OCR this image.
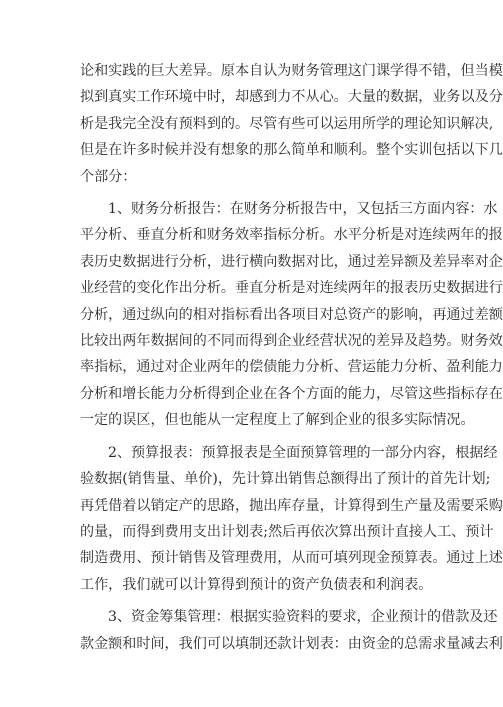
论和实践的巨大差异。原本自认为财务管理这门课学得不错，但当模
拟到真实工作环境中时，却感到力不从心。大量的数据，业务以及分
析是我完全没有预料到的。尽管有些可以运用所学的理论知识解决,
但是在许多时候并没有想象的那么简单和顺利。整个实训包括以下几
个部分：
1、财务分析报告：在财务分析报告中，又包括三方面内容：水
平分析、垂直分析和财务效率指标分析。水平分析是对连续两年的报
表历史数据进行分析，进行横向数据对比，通过差异额及差异率对企
业经营的变化作出分析。垂直分析是对连续两年的报表历史数据进行
分析，通过纵向的相对指标看出各项目对总资产的影响，再通过差额
比较出两年数据间的不同而得到企业经营状况的差异及趋势。财务效
率指标，通过对企业两年的偿债能力分析、营运能力分析、盈利能力
分析和增长能力分析得到企业在各个方面的能力，尽管这些指标存在
一定的误区，但也能从一定程度上了解到企业的很多实际情况。
2、预算报表：预算报表是全面预算管理的一部分内容，根据经
验数据(销售量、单价)，先计算出销售总额得出了预计的首先计划;
再凭借着以销定产的思路，抛出库存量，计算得到生产量及需要采购
的量，而得到费用支出计划表;然后再依次算出预计直接人工、预计
制造费用、预计销售及管理费用，从而可填列现金预算表。通过上述
工作，我们就可以计算得到预计的资产负债表和利润表。
3、资金筹集管理：根据实验资料的要求，企业预计的借款及还
款金额和时间，我们可以填制还款计划表：由资金的总需求量减去利
